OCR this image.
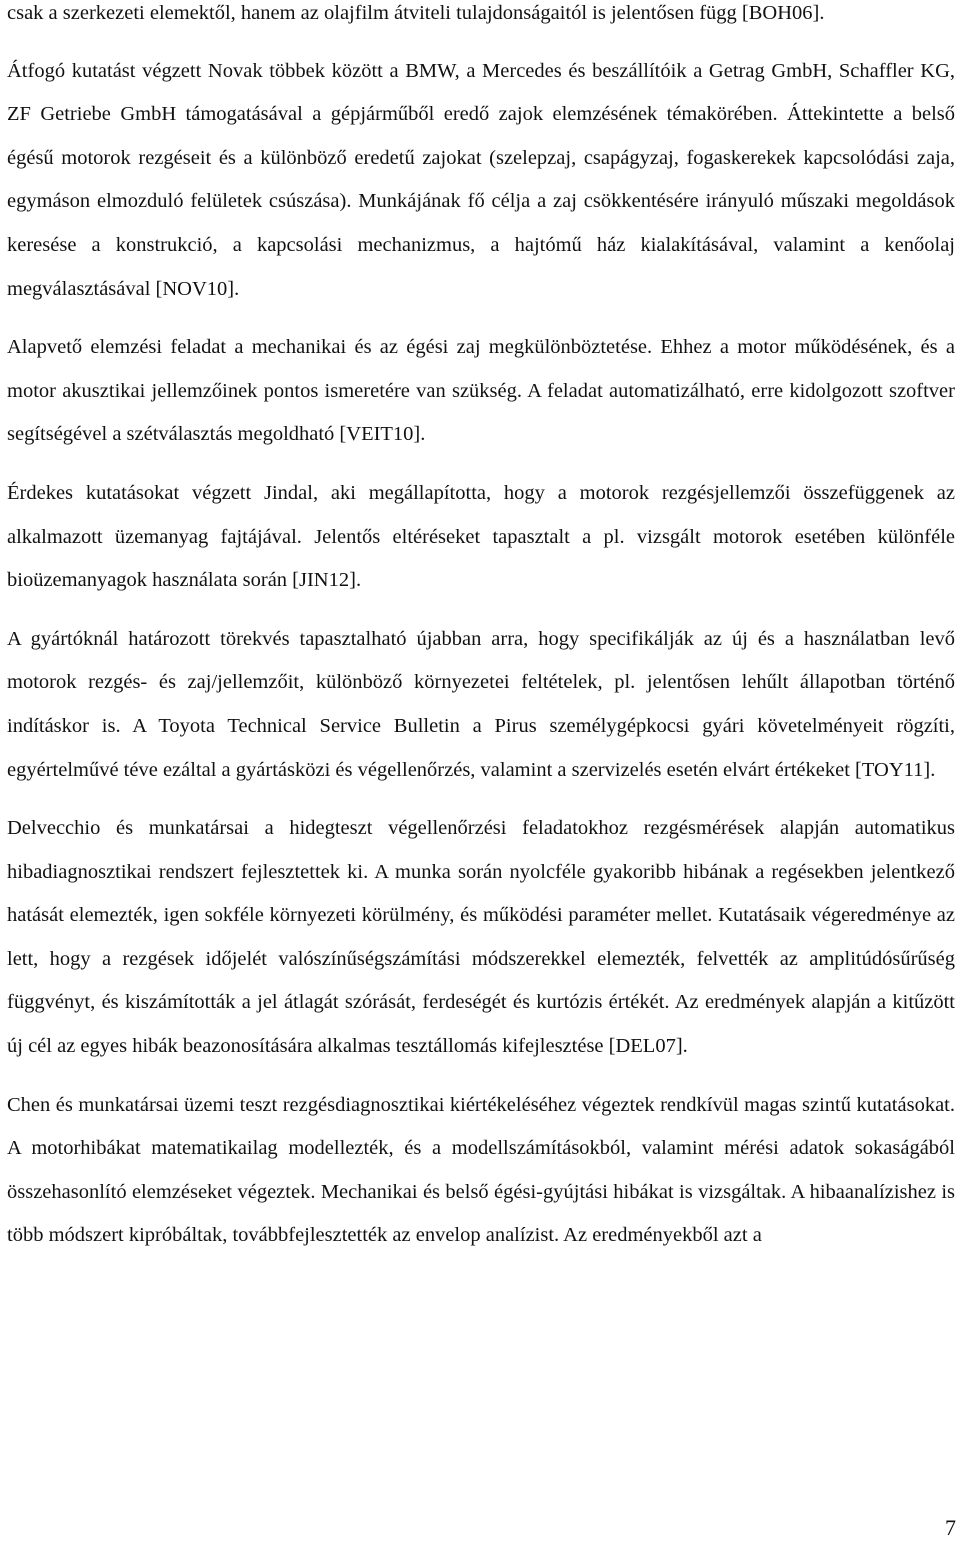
csak a szerkezeti elemektől, hanem az olajfilm átviteli tulajdonságaitól is jelentősen függ [BOH06].

Átfogó kutatást végzett Novak többek között a BMW, a Mercedes és beszállítóik a Getrag GmbH, Schaffler KG, ZF Getriebe GmbH támogatásával a gépjárműből eredő zajok elemzésének témakörében. Áttekintette a belső égésű motorok rezgéseit és a különböző eredetű zajokat (szelepzaj, csapágyzaj, fogaskerekek kapcsolódási zaja, egymáson elmozduló felületek csúszása). Munkájának fő célja a zaj csökkentésére irányuló műszaki megoldások keresése a konstrukció, a kapcsolási mechanizmus, a hajtómű ház kialakításával, valamint a kenőolaj megválasztásával [NOV10].

Alapvető elemzési feladat a mechanikai és az égési zaj megkülönböztetése. Ehhez a motor működésének, és a motor akusztikai jellemzőinek pontos ismeretére van szükség. A feladat automatizálható, erre kidolgozott szoftver segítségével a szétválasztás megoldható [VEIT10].

Érdekes kutatásokat végzett Jindal, aki megállapította, hogy a motorok rezgésjellemzői összefüggenek az alkalmazott üzemanyag fajtájával. Jelentős eltéréseket tapasztalt a pl. vizsgált motorok esetében különféle bioüzemanyagok használata során [JIN12].

A gyártóknál határozott törekvés tapasztalható újabban arra, hogy specifikálják az új és a használatban levő motorok rezgés- és zaj/jellemzőit, különböző környezetei feltételek, pl. jelentősen lehűlt állapotban történő indításkor is. A Toyota Technical Service Bulletin a Pirus személygépkocsi gyári követelményeit rögzíti, egyértelművé téve ezáltal a gyártásközi és végellenőrzés, valamint a szervizelés esetén elvárt értékeket [TOY11].

Delvecchio és munkatársai a hidegteszt végellenőrzési feladatokhoz rezgésmérések alapján automatikus hibadiagnosztikai rendszert fejlesztettek ki. A munka során nyolcféle gyakoribb hibának a regésekben jelentkező hatását elemezték, igen sokféle környezeti körülmény, és működési paraméter mellet. Kutatásaik végeredménye az lett, hogy a rezgések időjelét valószínűségszámítási módszerekkel elemezték, felvették az amplitúdósűrűség függvényt, és kiszámították a jel átlagát szórását, ferdeségét és kurtózis értékét. Az eredmények alapján a kitűzött új cél az egyes hibák beazonosítására alkalmas tesztállomás kifejlesztése [DEL07].

Chen és munkatársai üzemi teszt rezgésdiagnosztikai kiértékeléséhez végeztek rendkívül magas szintű kutatásokat. A motorhibákat matematikailag modellezték, és a modellszámításokból, valamint mérési adatok sokaságából összehasonlító elemzéseket végeztek. Mechanikai és belső égési-gyújtási hibákat is vizsgáltak. A hibaanalízishez is több módszert kipróbáltak, továbbfejlesztették az envelop analízist. Az eredményekből azt a

7
